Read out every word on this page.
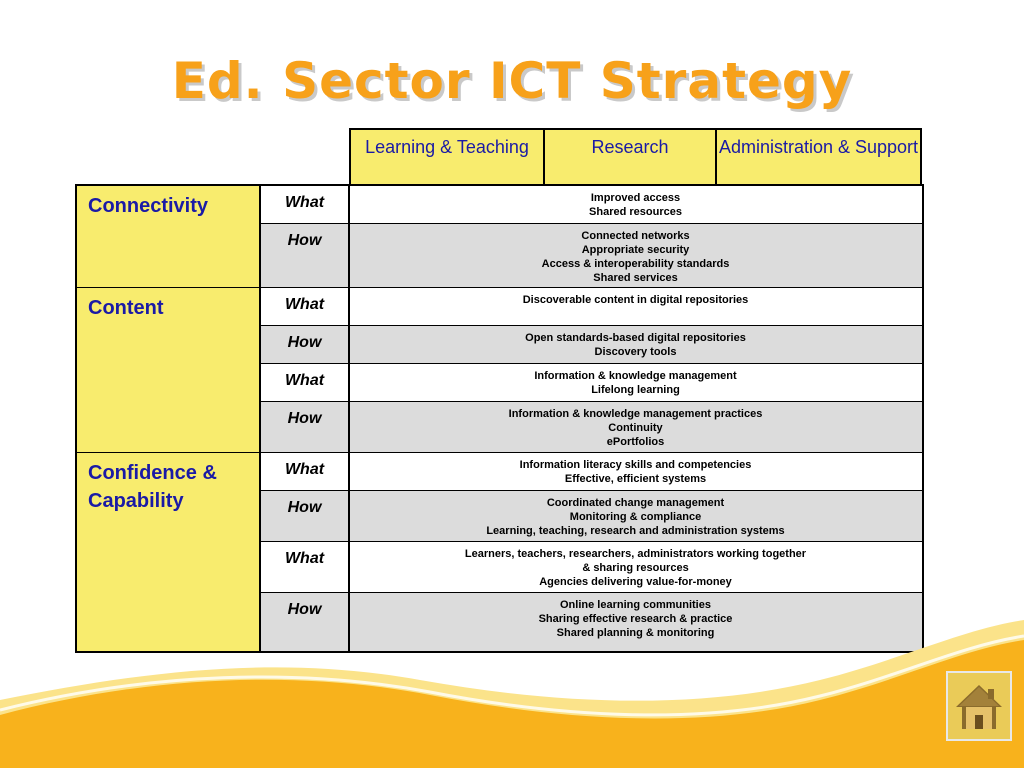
Ed. Sector ICT Strategy
Learning & Teaching	Research	Administration & Support
Connectivity	What	Improved access
Shared resources
How	Connected networks
Appropriate security
Access & interoperability standards
Shared services
Content	What	Discoverable content in digital repositories
How	Open standards-based digital repositories
Discovery tools
What	Information & knowledge management
Lifelong learning
How	Information & knowledge management practices
Continuity
ePortfolios
Confidence & Capability
What	Information literacy skills and competencies
Effective, efficient systems
How	Coordinated change management
Monitoring & compliance
Learning, teaching, research and administration systems
What	Learners, teachers, researchers, administrators working together
& sharing resources
Agencies delivering value-for-money
How	Online learning communities
Sharing effective research & practice
Shared planning & monitoring
